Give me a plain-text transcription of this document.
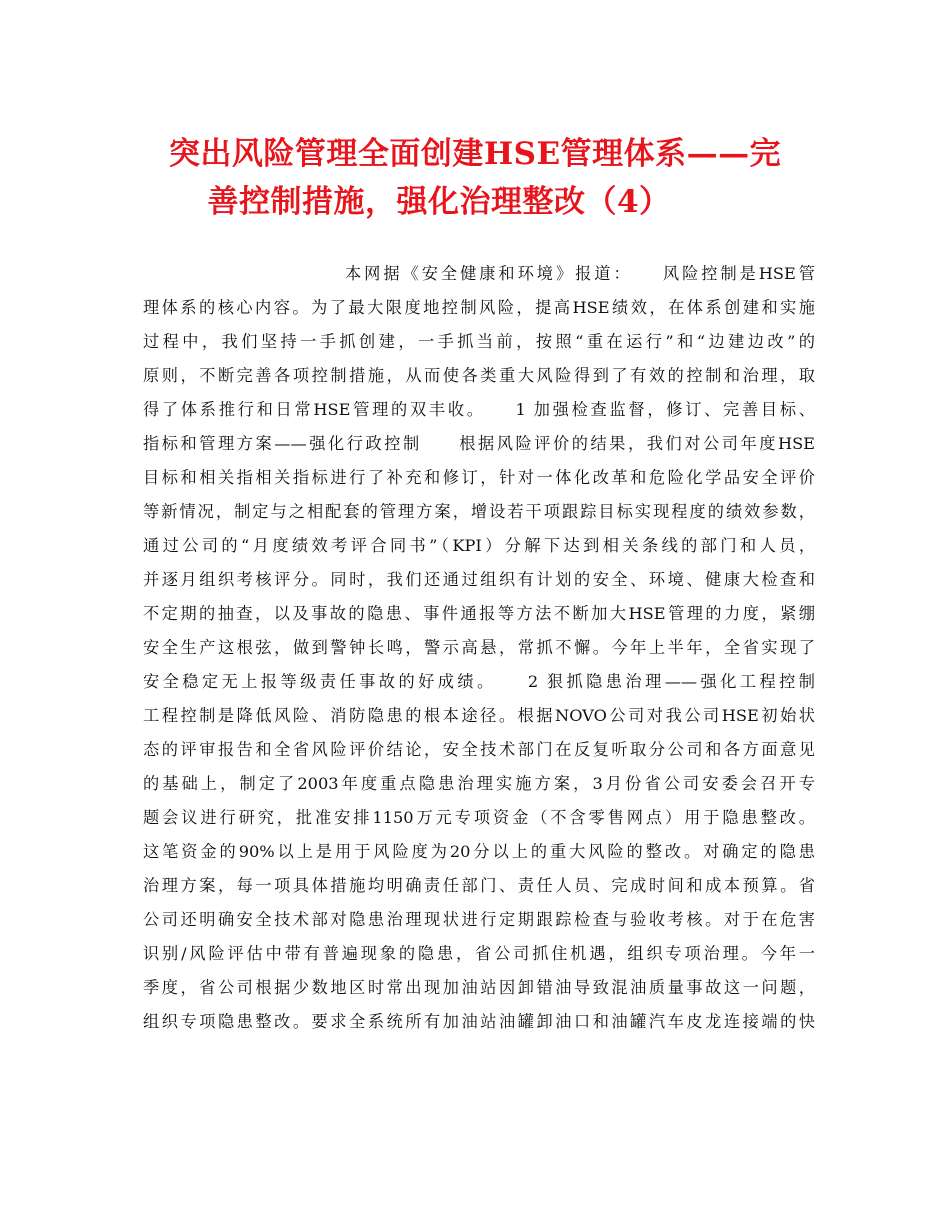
突出风险管理全面创建HSE管理体系——完
善控制措施，强化治理整改（4）

本网据《安全健康和环境》报道：　　风险控制是HSE管

理体系的核心内容。为了最大限度地控制风险，提高HSE绩效，在体系创建和实施

过程中，我们坚持一手抓创建，一手抓当前，按照“重在运行”和“边建边改”的

原则，不断完善各项控制措施，从而使各类重大风险得到了有效的控制和治理，取

得了体系推行和日常HSE管理的双丰收。　　1 加强检查监督，修订、完善目标、

指标和管理方案——强化行政控制　　根据风险评价的结果，我们对公司年度HSE

目标和相关指相关指标进行了补充和修订，针对一体化改革和危险化学品安全评价

等新情况，制定与之相配套的管理方案，增设若干项跟踪目标实现程度的绩效参数，

通过公司的“月度绩效考评合同书”（KPI）分解下达到相关条线的部门和人员，

并逐月组织考核评分。同时，我们还通过组织有计划的安全、环境、健康大检查和

不定期的抽查，以及事故的隐患、事件通报等方法不断加大HSE管理的力度，紧绷

安全生产这根弦，做到警钟长鸣，警示高悬，常抓不懈。今年上半年，全省实现了

安全稳定无上报等级责任事故的好成绩。　　2 狠抓隐患治理——强化工程控制

工程控制是降低风险、消防隐患的根本途径。根据NOVO公司对我公司HSE初始状

态的评审报告和全省风险评价结论，安全技术部门在反复听取分公司和各方面意见

的基础上，制定了2003年度重点隐患治理实施方案，3月份省公司安委会召开专

题会议进行研究，批准安排1150万元专项资金（不含零售网点）用于隐患整改。

这笔资金的90%以上是用于风险度为20分以上的重大风险的整改。对确定的隐患

治理方案，每一项具体措施均明确责任部门、责任人员、完成时间和成本预算。省

公司还明确安全技术部对隐患治理现状进行定期跟踪检查与验收考核。对于在危害

识别/风险评估中带有普遍现象的隐患，省公司抓住机遇，组织专项治理。今年一

季度，省公司根据少数地区时常出现加油站因卸错油导致混油质量事故这一问题，

组织专项隐患整改。要求全系统所有加油站油罐卸油口和油罐汽车皮龙连接端的快
